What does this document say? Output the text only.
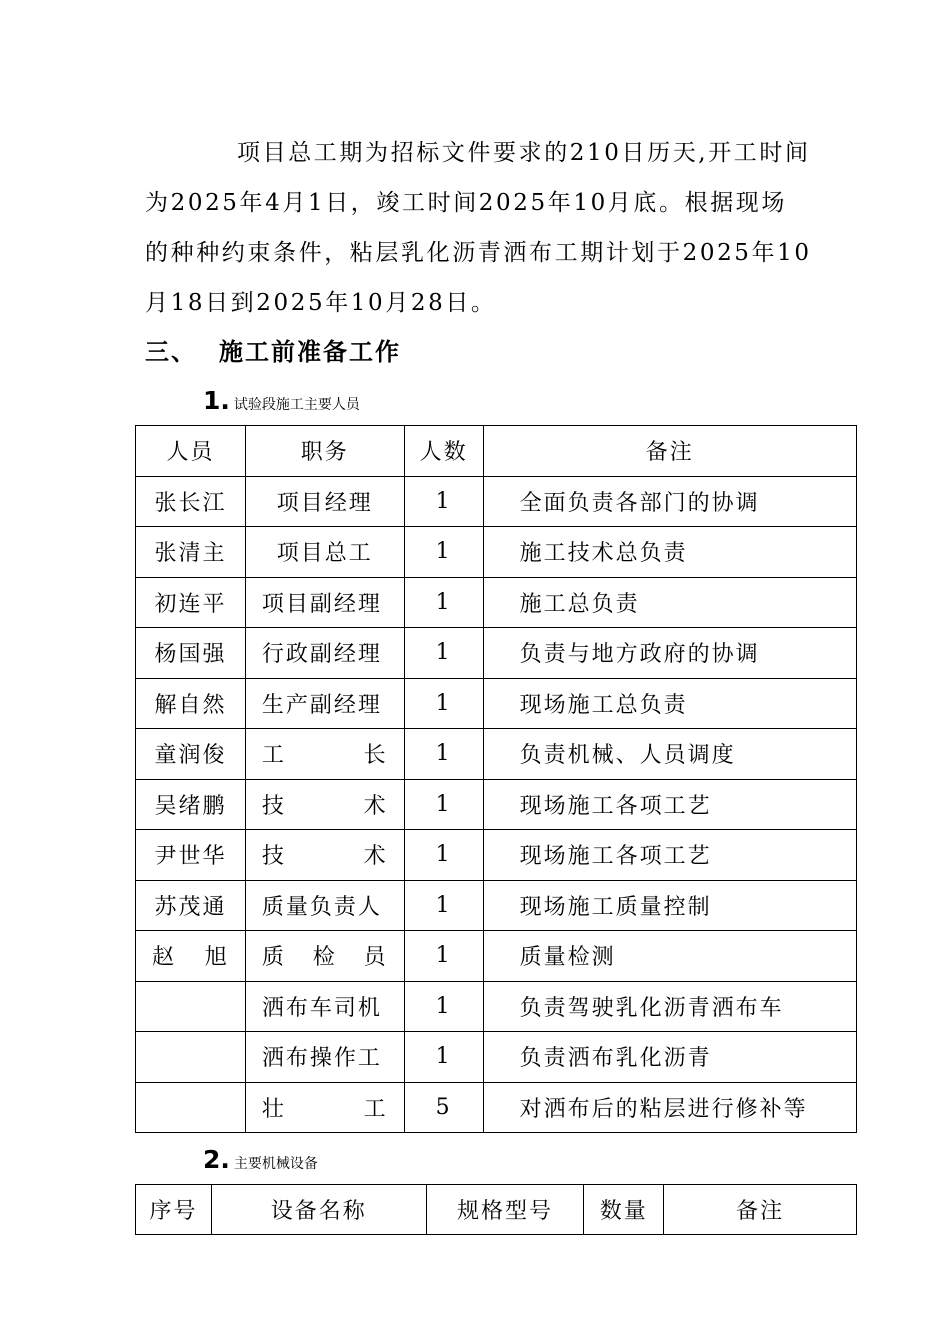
项目总工期为招标文件要求的210日历天,开工时间

为2025年4月1日，竣工时间2025年10月底。根据现场

的种种约束条件，粘层乳化沥青洒布工期计划于2025年10

月18日到2025年10月28日。

三、 施工前准备工作
1. 试验段施工主要人员
人员	职务	人数	备注
张长江	项目经理	1	全面负责各部门的协调
张清主	项目总工	1	施工技术总负责
初连平	项目副经理	1	施工总负责
杨国强	行政副经理	1	负责与地方政府的协调
解自然	生产副经理	1	现场施工总负责
童润俊	工长	1	负责机械、人员调度
吴绪鹏	技术	1	现场施工各项工艺
尹世华	技术	1	现场施工各项工艺
苏茂通	质量负责人	1	现场施工质量控制
赵旭	质检员	1	质量检测
	洒布车司机	1	负责驾驶乳化沥青洒布车
	洒布操作工	1	负责洒布乳化沥青
	壮工	5	对洒布后的粘层进行修补等
2. 主要机械设备
序号	设备名称	规格型号	数量	备注
